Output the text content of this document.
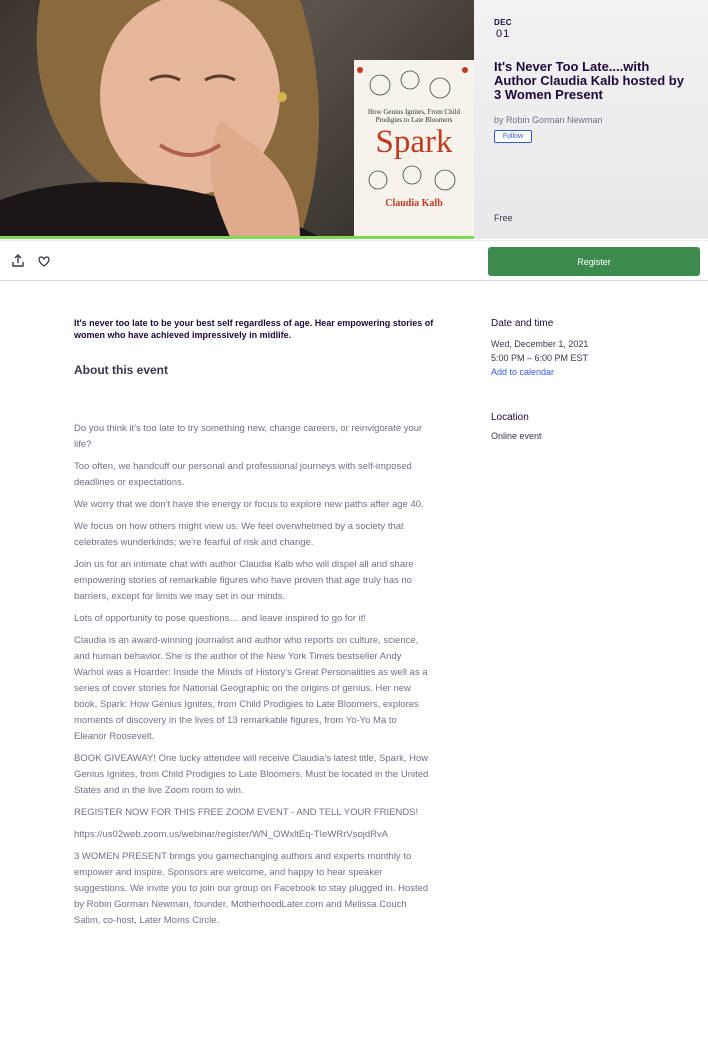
How Genius Ignites, From Child Prodigies to Late Bloomers
Spark
Claudia Kalb
DEC
01
It's Never Too Late....with Author Claudia Kalb hosted by 3 Women Present
by Robin Gorman Newman
Follow
Free
Register

It's never too late to be your best self regardless of age. Hear empowering stories of women who have achieved impressively in midlife.

About this event

Do you think it's too late to try something new, change careers, or reinvigorate your life?

Too often, we handcuff our personal and professional journeys with self-imposed deadlines or expectations.

We worry that we don't have the energy or focus to explore new paths after age 40.

We focus on how others might view us. We feel overwhelmed by a society that celebrates wunderkinds; we're fearful of risk and change.

Join us for an intimate chat with author Claudia Kalb who will dispel all and share empowering stories of remarkable figures who have proven that age truly has no barriers, except for limits we may set in our minds.

Lots of opportunity to pose questions… and leave inspired to go for it!

Claudia is an award-winning journalist and author who reports on culture, science, and human behavior. She is the author of the New York Times bestseller Andy Warhol was a Hoarder: Inside the Minds of History's Great Personalities as well as a series of cover stories for National Geographic on the origins of genius. Her new book, Spark: How Genius Ignites, from Child Prodigies to Late Bloomers, explores moments of discovery in the lives of 13 remarkable figures, from Yo-Yo Ma to Eleanor Roosevelt.

BOOK GIVEAWAY! One lucky attendee will receive Claudia's latest title, Spark, How Genius Ignites, from Child Prodigies to Late Bloomers. Must be located in the United States and in the live Zoom room to win.

REGISTER NOW FOR THIS FREE ZOOM EVENT - AND TELL YOUR FRIENDS!

https://us02web.zoom.us/webinar/register/WN_OWxltEq-TIeWRrVsojdRvA

3 WOMEN PRESENT brings you gamechanging authors and experts monthly to empower and inspire. Sponsors are welcome, and happy to hear speaker suggestions. We invite you to join our group on Facebook to stay plugged in. Hosted by Robin Gorman Newman, founder, MotherhoodLater.com and Melissa Couch Salim, co-host, Later Moms Circle.

Date and time

Wed, December 1, 2021

5:00 PM – 6:00 PM EST

Add to calendar

Location

Online event
